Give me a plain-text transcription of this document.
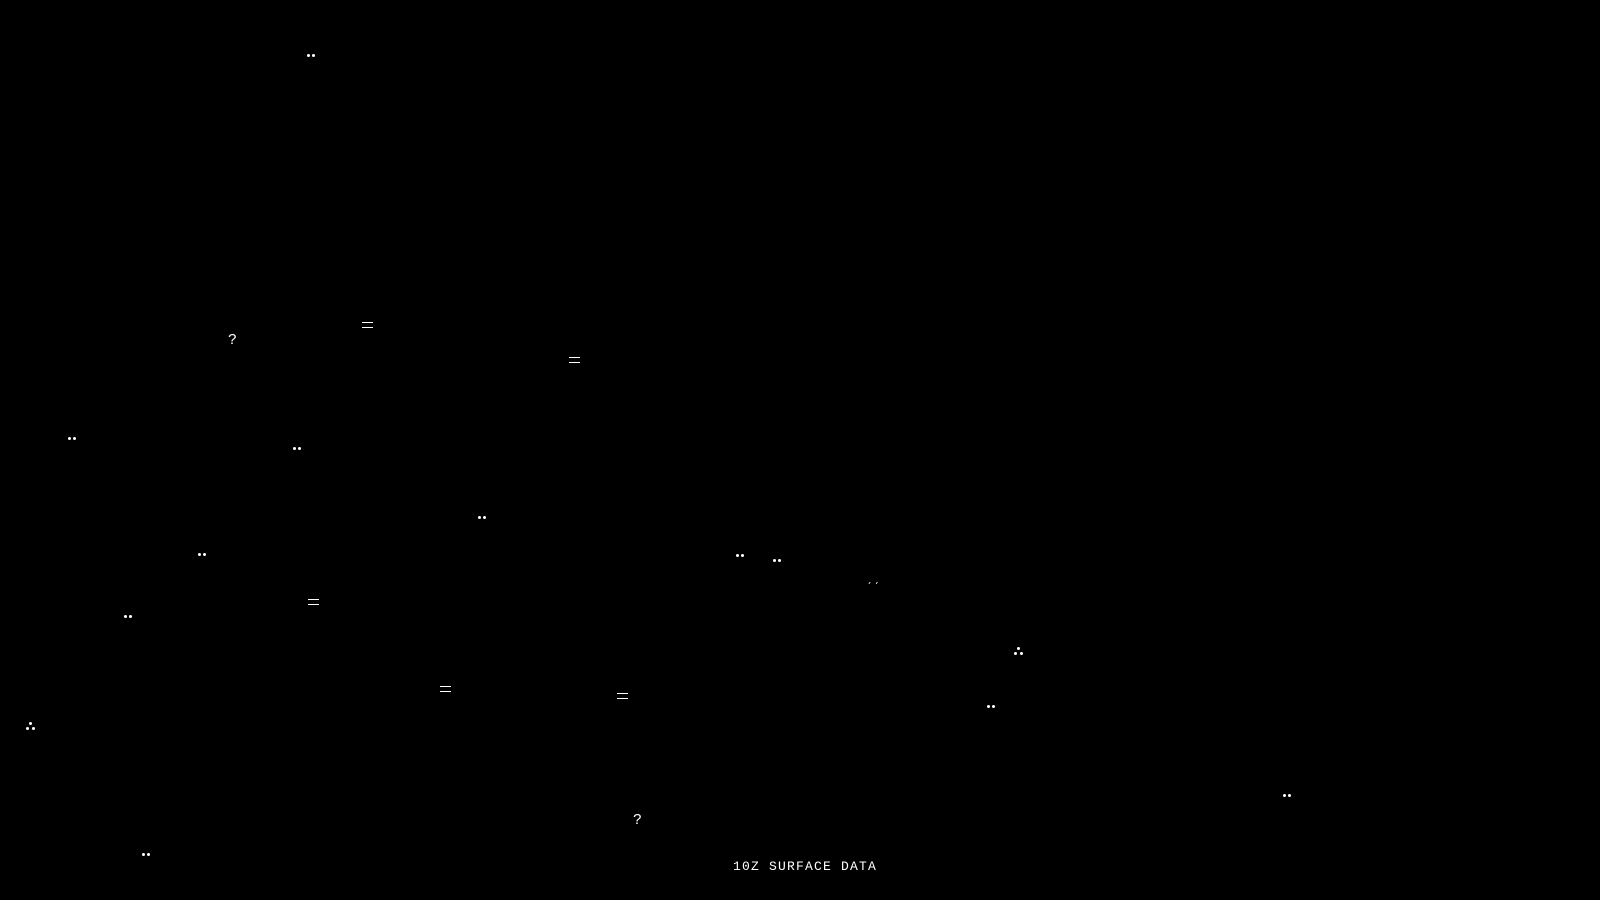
?
ˊˊ
?
10Z SURFACE DATA
